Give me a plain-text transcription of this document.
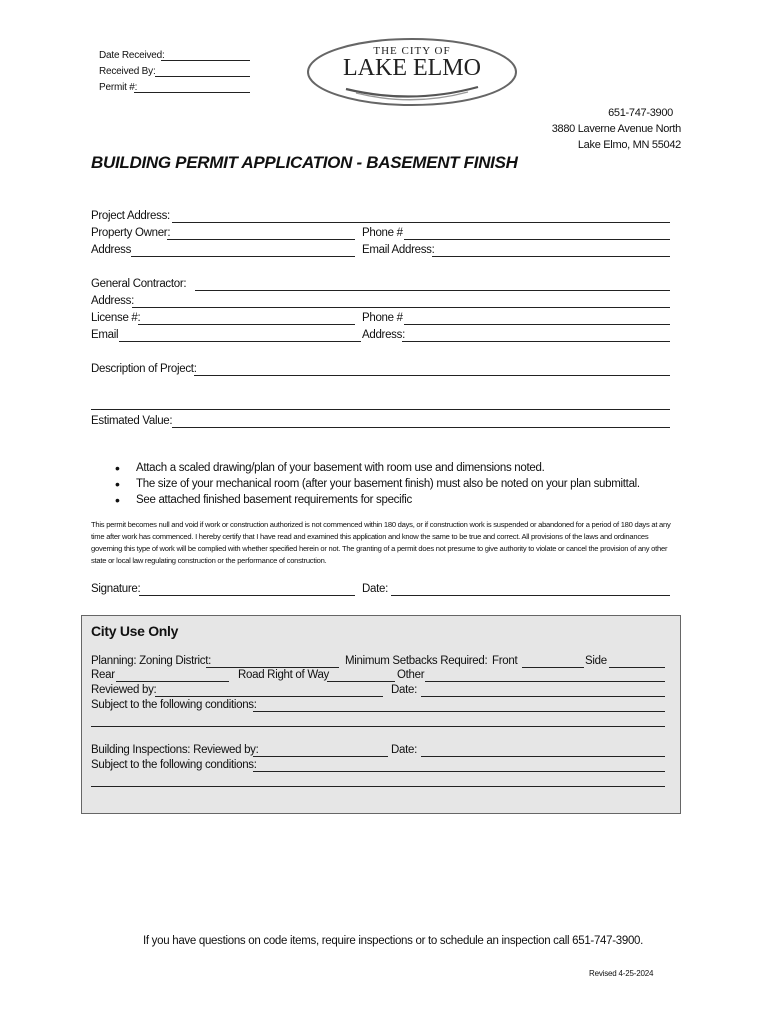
Date Received:
Received By:
Permit #:
THE CITY OF
LAKE ELMO
651-747-3900
3880 Laverne Avenue North
Lake Elmo, MN 55042
BUILDING PERMIT APPLICATION - BASEMENT FINISH
Project Address:
Property Owner:	Phone #
Address	Email Address:
General Contractor:
Address:
License #:	Phone #
Email	Address:
Description of Project:
Estimated Value:
• Attach a scaled drawing/plan of your basement with room use and dimensions noted.
• The size of your mechanical room (after your basement finish) must also be noted on your plan submittal.
• See attached finished basement requirements for specific
This permit becomes null and void if work or construction authorized is not commenced within 180 days, or if construction work is suspended or abandoned for a period of 180 days at any time after work has commenced. I hereby certify that I have read and examined this application and know the same to be true and correct. All provisions of the laws and ordinances governing this type of work will be complied with whether specified herein or not. The granting of a permit does not presume to give authority to violate or cancel the provision of any other state or local law regulating construction or the performance of construction.
Signature:	Date:
City Use Only
Planning: Zoning District:	Minimum Setbacks Required: Front	Side
Rear	Road Right of Way	Other
Reviewed by:	Date:
Subject to the following conditions:
Building Inspections: Reviewed by:	Date:
Subject to the following conditions:
If you have questions on code items, require inspections or to schedule an inspection call 651-747-3900.
Revised 4-25-2024
